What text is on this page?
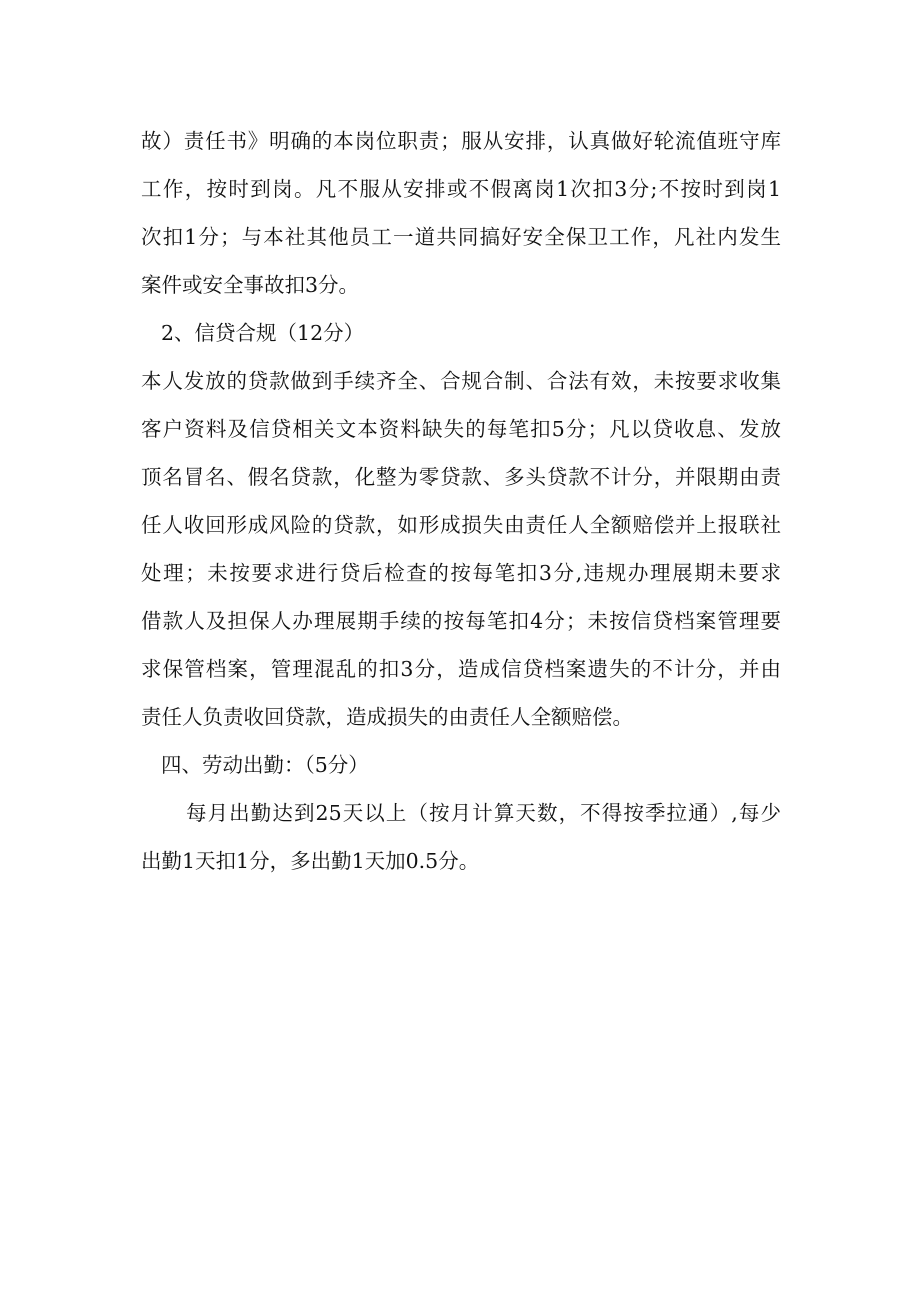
故）责任书》明确的本岗位职责；服从安排，认真做好轮流值班守库
工作，按时到岗。凡不服从安排或不假离岗1次扣3分;不按时到岗1
次扣1分；与本社其他员工一道共同搞好安全保卫工作，凡社内发生
案件或安全事故扣3分。
2、信贷合规（12分）
本人发放的贷款做到手续齐全、合规合制、合法有效，未按要求收集
客户资料及信贷相关文本资料缺失的每笔扣5分；凡以贷收息、发放
顶名冒名、假名贷款，化整为零贷款、多头贷款不计分，并限期由责
任人收回形成风险的贷款，如形成损失由责任人全额赔偿并上报联社
处理；未按要求进行贷后检查的按每笔扣3分,违规办理展期未要求
借款人及担保人办理展期手续的按每笔扣4分；未按信贷档案管理要
求保管档案，管理混乱的扣3分，造成信贷档案遗失的不计分，并由
责任人负责收回贷款，造成损失的由责任人全额赔偿。
四、劳动出勤：（5分）
每月出勤达到25天以上（按月计算天数，不得按季拉通）,每少
出勤1天扣1分，多出勤1天加0.5分。
